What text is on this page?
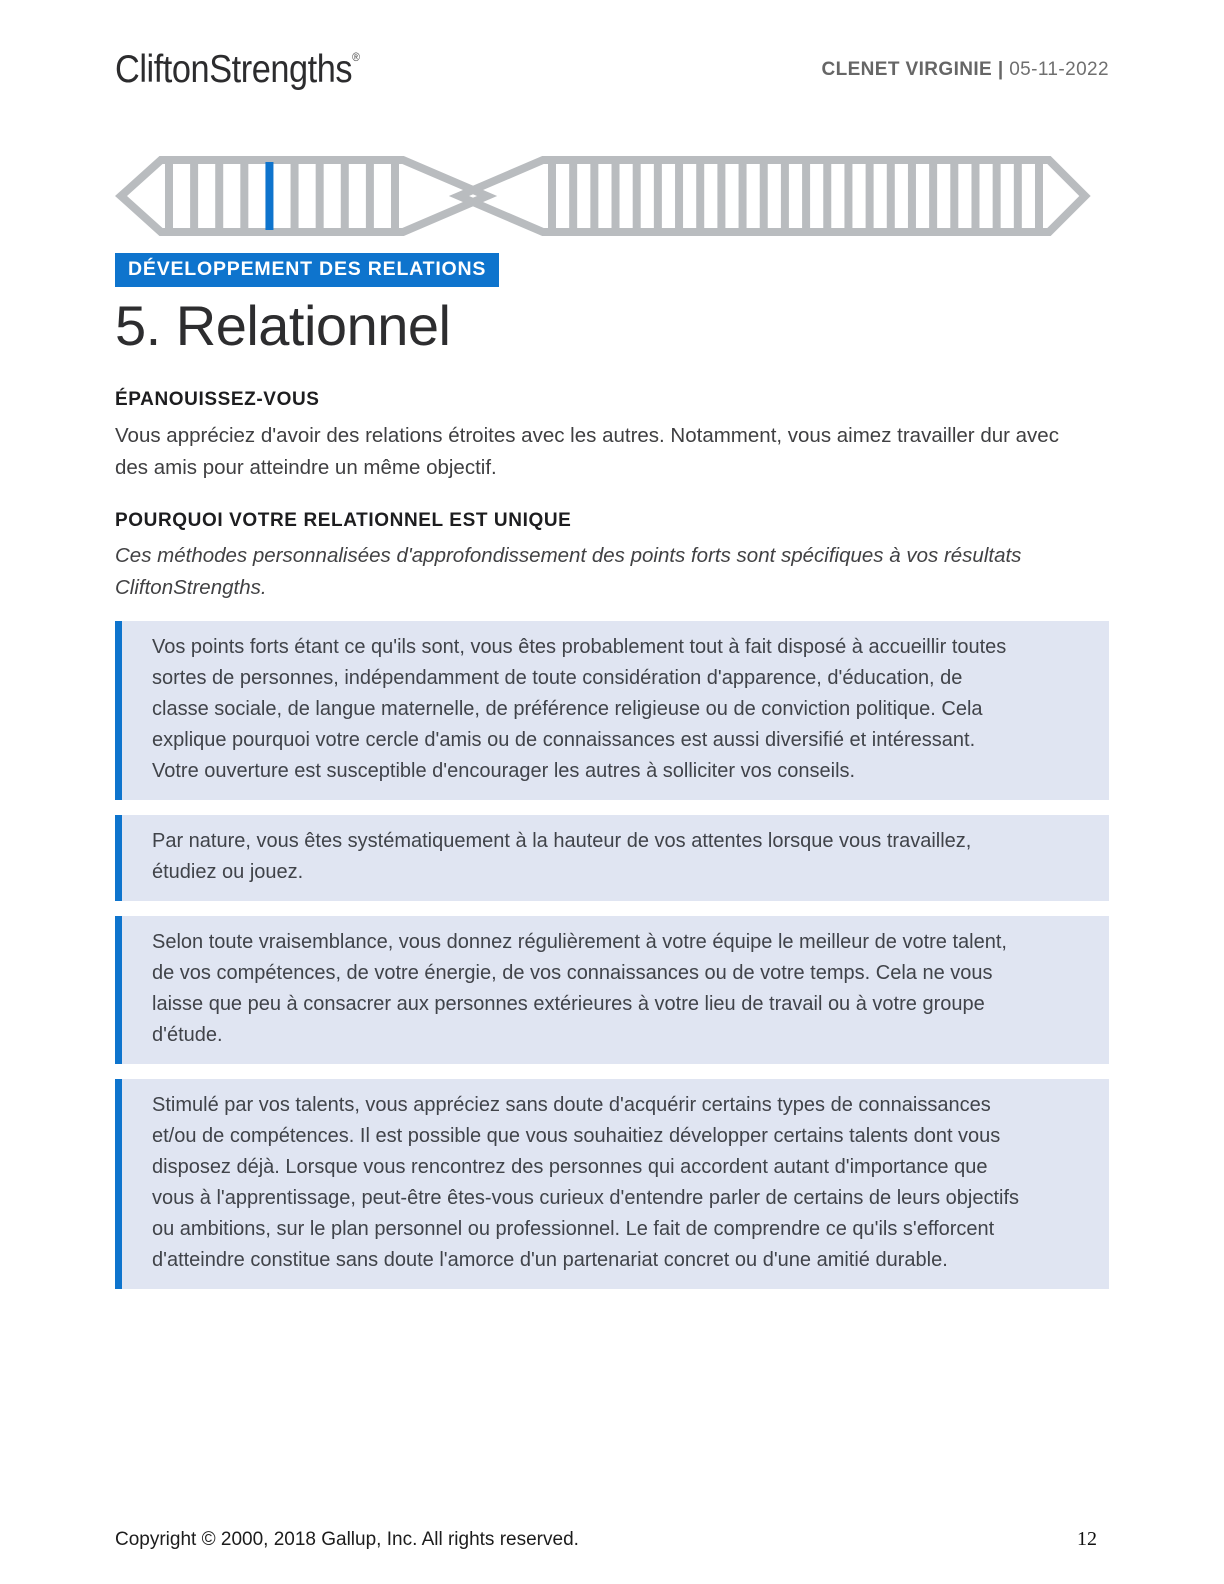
CliftonStrengths®
CLENET VIRGINIE | 05-11-2022
DÉVELOPPEMENT DES RELATIONS
5. Relationnel
ÉPANOUISSEZ-VOUS

Vous appréciez d'avoir des relations étroites avec les autres. Notamment, vous aimez travailler dur avec des amis pour atteindre un même objectif.

POURQUOI VOTRE RELATIONNEL EST UNIQUE

Ces méthodes personnalisées d'approfondissement des points forts sont spécifiques à vos résultats CliftonStrengths.

Vos points forts étant ce qu'ils sont, vous êtes probablement tout à fait disposé à accueillir toutes sortes de personnes, indépendamment de toute considération d'apparence, d'éducation, de classe sociale, de langue maternelle, de préférence religieuse ou de conviction politique. Cela explique pourquoi votre cercle d'amis ou de connaissances est aussi diversifié et intéressant. Votre ouverture est susceptible d'encourager les autres à solliciter vos conseils.

Par nature, vous êtes systématiquement à la hauteur de vos attentes lorsque vous travaillez, étudiez ou jouez.

Selon toute vraisemblance, vous donnez régulièrement à votre équipe le meilleur de votre talent, de vos compétences, de votre énergie, de vos connaissances ou de votre temps. Cela ne vous laisse que peu à consacrer aux personnes extérieures à votre lieu de travail ou à votre groupe d'étude.

Stimulé par vos talents, vous appréciez sans doute d'acquérir certains types de connaissances et/ou de compétences. Il est possible que vous souhaitiez développer certains talents dont vous disposez déjà. Lorsque vous rencontrez des personnes qui accordent autant d'importance que vous à l'apprentissage, peut-être êtes-vous curieux d'entendre parler de certains de leurs objectifs ou ambitions, sur le plan personnel ou professionnel. Le fait de comprendre ce qu'ils s'efforcent d'atteindre constitue sans doute l'amorce d'un partenariat concret ou d'une amitié durable.

Copyright © 2000, 2018 Gallup, Inc. All rights reserved.	12
